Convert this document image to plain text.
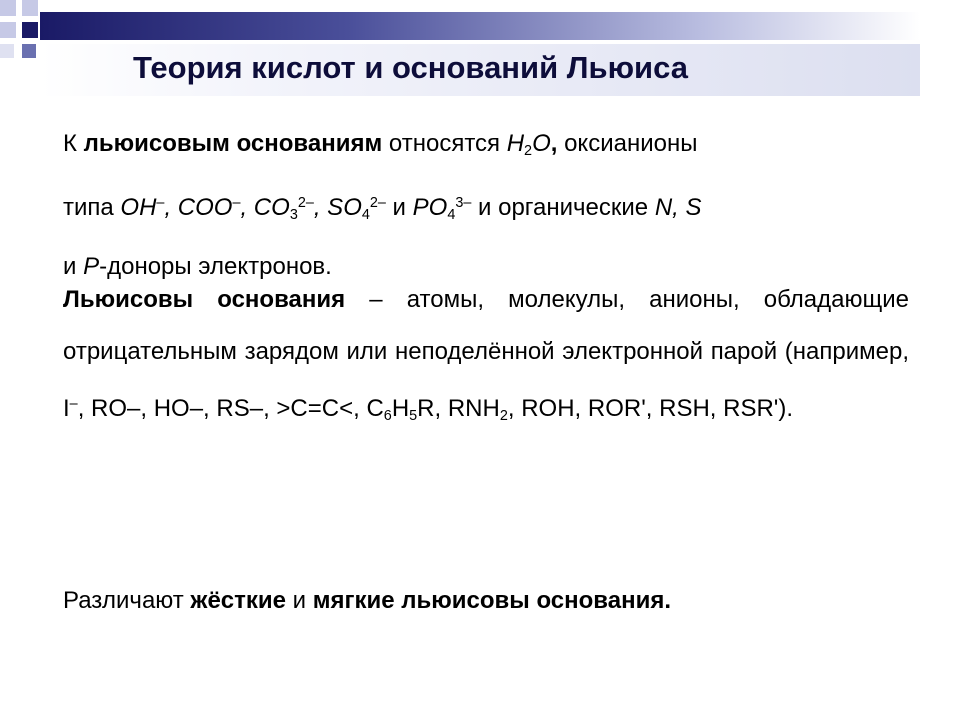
Теория кислот и оснований Льюиса

К льюисовым основаниям относятся $H_2O$, оксианионы
типа OH–, COO–, $CO_3^{2-}$, $SO_4^{2-}$ и $PO_4^{3-}$ и органические N, S
и P-доноры электронов.

Льюисовы основания – атомы, молекулы, анионы, обладающие отрицательным зарядом или неподелённой электронной парой (например, I–, RO–, HO–, RS–, >C=C<, $C_6H_5R$, $RNH_2$, ROH, ROR', RSH, RSR').

Различают жёсткие и мягкие льюисовы основания.
